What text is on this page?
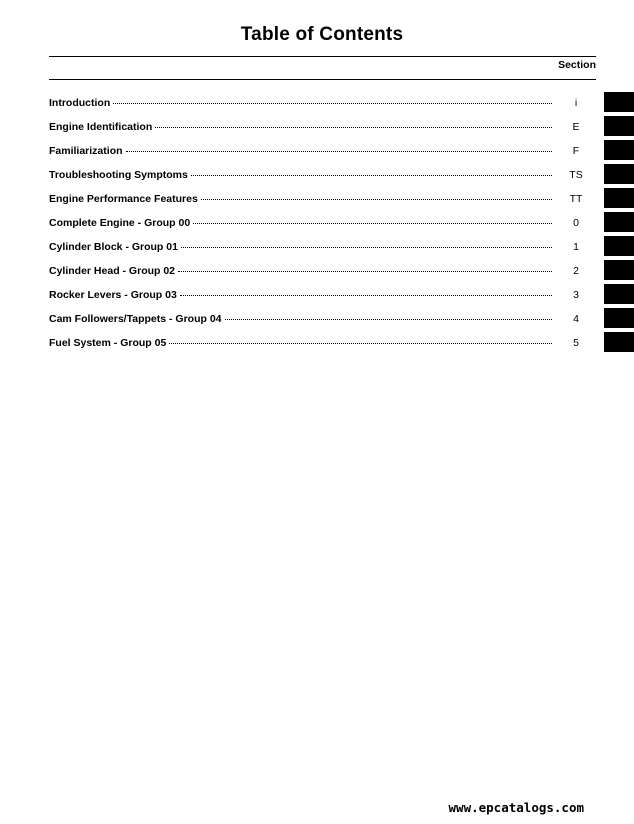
Table of Contents
Section
Introduction	i
Engine Identification	E
Familiarization	F
Troubleshooting Symptoms	TS
Engine Performance Features	TT
Complete Engine - Group 00	0
Cylinder Block - Group 01	1
Cylinder Head - Group 02	2
Rocker Levers - Group 03	3
Cam Followers/Tappets - Group 04	4
Fuel System - Group 05	5
www.epcatalogs.com
